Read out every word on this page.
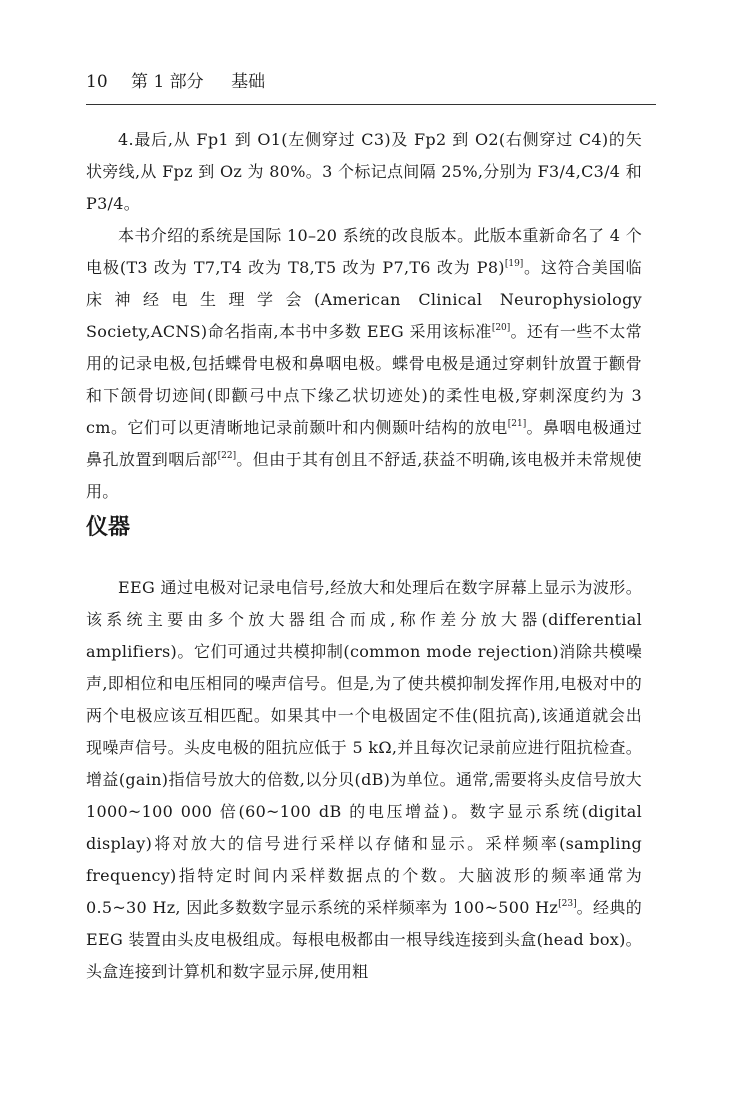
10 第 1 部分 基础

4.最后,从 Fp1 到 O1(左侧穿过 C3)及 Fp2 到 O2(右侧穿过 C4)的矢状旁线,从 Fpz 到 Oz 为 80%。3 个标记点间隔 25%,分别为 F3/4,C3/4 和 P3/4。

本书介绍的系统是国际 10–20 系统的改良版本。此版本重新命名了 4 个电极(T3 改为 T7,T4 改为 T8,T5 改为 P7,T6 改为 P8)[19]。这符合美国临床神经电生理学会(American Clinical Neurophysiology Society,ACNS)命名指南,本书中多数 EEG 采用该标准[20]。还有一些不太常用的记录电极,包括蝶骨电极和鼻咽电极。蝶骨电极是通过穿刺针放置于颧骨和下颌骨切迹间(即颧弓中点下缘乙状切迹处)的柔性电极,穿刺深度约为 3 cm。它们可以更清晰地记录前颞叶和内侧颞叶结构的放电[21]。鼻咽电极通过鼻孔放置到咽后部[22]。但由于其有创且不舒适,获益不明确,该电极并未常规使用。

仪器

EEG 通过电极对记录电信号,经放大和处理后在数字屏幕上显示为波形。该系统主要由多个放大器组合而成,称作差分放大器(differential amplifiers)。它们可通过共模抑制(common mode rejection)消除共模噪声,即相位和电压相同的噪声信号。但是,为了使共模抑制发挥作用,电极对中的两个电极应该互相匹配。如果其中一个电极固定不佳(阻抗高),该通道就会出现噪声信号。头皮电极的阻抗应低于 5 kΩ,并且每次记录前应进行阻抗检查。增益(gain)指信号放大的倍数,以分贝(dB)为单位。通常,需要将头皮信号放大 1000~100 000 倍(60~100 dB 的电压增益)。数字显示系统(digital display)将对放大的信号进行采样以存储和显示。采样频率(sampling frequency)指特定时间内采样数据点的个数。大脑波形的频率通常为 0.5~30 Hz, 因此多数数字显示系统的采样频率为 100~500 Hz[23]。经典的 EEG 装置由头皮电极组成。每根电极都由一根导线连接到头盒(head box)。头盒连接到计算机和数字显示屏,使用粗
